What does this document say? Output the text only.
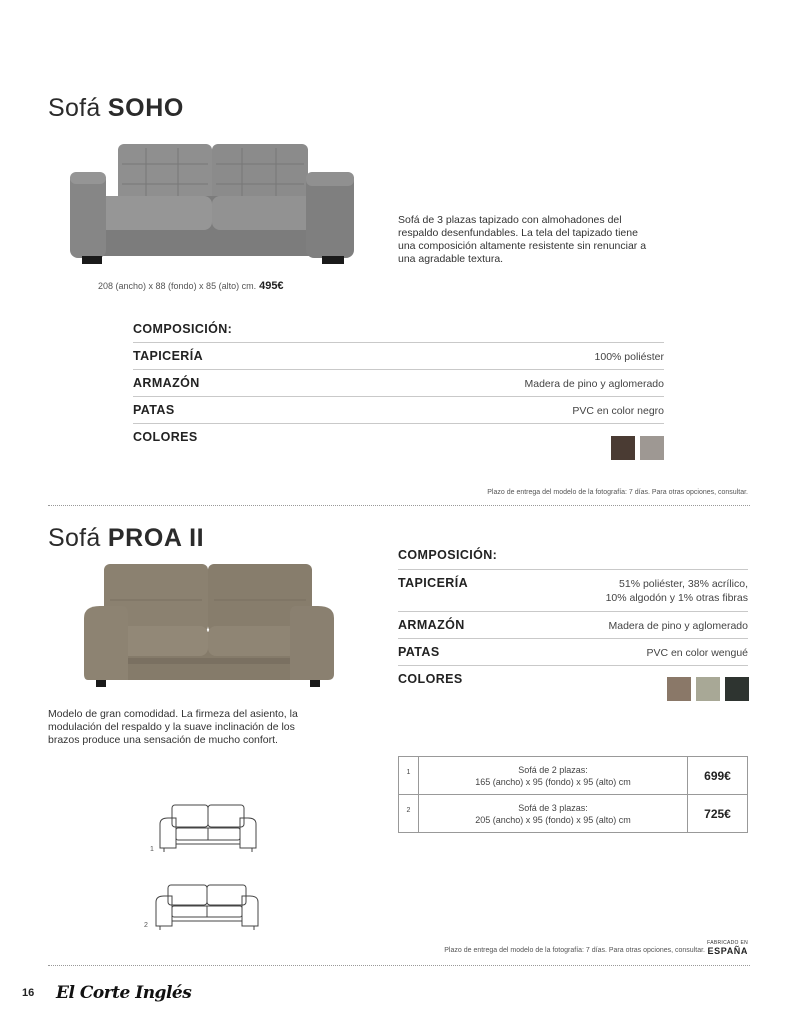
Sofá SOHO
Sofá de 3 plazas tapizado con almohadones del respaldo desenfundables. La tela del tapizado tiene una composición altamente resistente sin renunciar a una agradable textura.
208 (ancho) x 88 (fondo) x 85 (alto) cm. 495€
COMPOSICIÓN:
TAPICERÍA	100% poliéster
ARMAZÓN	Madera de pino y aglomerado
PATAS	PVC en color negro
COLORES
Plazo de entrega del modelo de la fotografía: 7 días. Para otras opciones, consultar.
Sofá PROA II
Modelo de gran comodidad. La firmeza del asiento, la modulación del respaldo y la suave inclinación de los brazos produce una sensación de mucho confort.
COMPOSICIÓN:
TAPICERÍA	51% poliéster, 38% acrílico,
10% algodón y 1% otras fibras
ARMAZÓN	Madera de pino y aglomerado
PATAS	PVC en color wengué
COLORES
1	Sofá de 2 plazas:
165 (ancho) x 95 (fondo) x 95 (alto) cm	699€
2	Sofá de 3 plazas:
205 (ancho) x 95 (fondo) x 95 (alto) cm	725€
1
2
Plazo de entrega del modelo de la fotografía: 7 días. Para otras opciones, consultar.
FABRICADO EN
ESPAÑA
16 El Corte Inglés
